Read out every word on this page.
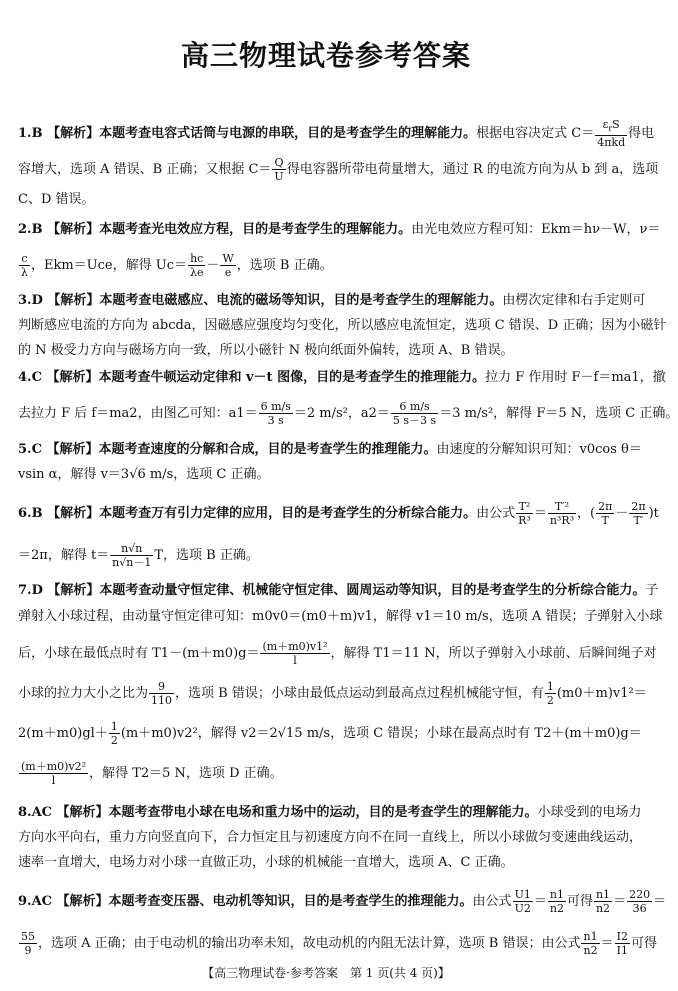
高三物理试卷参考答案
1.B 【解析】本题考查电容式话筒与电源的串联，目的是考查学生的理解能力。根据电容决定式 $C= \frac{\varepsilon_rS}{\text{4πkd}}$ 得电
容增大，选项 A 错误、B 正确；又根据 $C= \frac{Q}{U}$ 得电容器所带电荷量增大，通过 R 的电流方向为从 b 到 a，选项
C、D 错误。
2.B 【解析】本题考查光电效应方程，目的是考查学生的理解能力。由光电效应方程可知：Ekm＝hν－W，ν＝
$\frac{c}{\lambda}$ ，Ekm＝Uce，解得 $Uc= \frac{hc}{\lambda e} - \frac{W}{e}$ ，选项 B 正确。
3.D 【解析】本题考查电磁感应、电流的磁场等知识，目的是考查学生的理解能力。由楞次定律和右手定则可
判断感应电流的方向为 abcda，因磁感应强度均匀变化，所以感应电流恒定，选项 C 错误、D 正确；因为小磁针
的 N 极受力方向与磁场方向一致，所以小磁针 N 极向纸面外偏转，选项 A、B 错误。
4.C 【解析】本题考查牛顿运动定律和 v－t 图像，目的是考查学生的推理能力。拉力 F 作用时 F－f＝ma1，撤
去拉力 F 后 f＝ma2，由图乙可知：$a1= \frac{6 m/s}{3 s} =2$ m/s²，$a2= \frac{6 m/s}{5 s-3 s} =3$ m/s²，解得 F＝5 N，选项 C 正确。
5.C 【解析】本题考查速度的分解和合成，目的是考查学生的推理能力。由速度的分解知识可知：v0cos θ＝
vsin α，解得 v＝3√6 m/s，选项 C 正确。
6.B 【解析】本题考查万有引力定律的应用，目的是考查学生的分析综合能力。由公式 $\frac{\text{T²}}{\text{R³}} = \frac{\text{T′²}}{\text{n³R³}}$ ，( $\frac{2\pi}{T} - \frac{2\pi}{T'} )t$
＝2π，解得 $t= \frac{n√n}{n√n-1}$ T，选项 B 正确。
7.D 【解析】本题考查动量守恒定律、机械能守恒定律、圆周运动等知识，目的是考查学生的分析综合能力。子
弹射入小球过程，由动量守恒定律可知：m0v0＝(m0＋m)v1，解得 v1＝10 m/s，选项 A 错误；子弹射入小球
后，小球在最低点时有 $T1-(m+m0)g= \frac{\text{(m＋m0)v1²}}{l}$ ，解得 T1＝11 N，所以子弹射入小球前、后瞬间绳子对
小球的拉力大小之比为 $\frac{9}{110}$ ，选项 B 错误；小球由最低点运动到最高点过程机械能守恒，有 $\frac{1}{2} (m0+m)v1^2=$
$2(m+m0)gl+ \frac{1}{2} (m+m0)v2^2$，解得 v2＝2√15 m/s，选项 C 错误；小球在最高点时有 T2＋(m＋m0)g＝
$\frac{\text{(m＋m0)v2²}}{l}$ ，解得 T2＝5 N，选项 D 正确。
8.AC 【解析】本题考查带电小球在电场和重力场中的运动，目的是考查学生的理解能力。小球受到的电场力
方向水平向右，重力方向竖直向下，合力恒定且与初速度方向不在同一直线上，所以小球做匀变速曲线运动，
速率一直增大，电场力对小球一直做正功，小球的机械能一直增大，选项 A、C 正确。
9.AC 【解析】本题考查变压器、电动机等知识，目的是考查学生的推理能力。由公式 $\frac{U1}{U2} = \frac{n1}{n2}$ 可得 $\frac{n1}{n2} = \frac{220}{36}$ ＝
$\frac{55}{9}$ ，选项 A 正确；由于电动机的输出功率未知，故电动机的内阻无法计算，选项 B 错误；由公式 $\frac{n1}{n2} = \frac{I2}{I1}$ 可得
【高三物理试卷·参考答案　第 1 页(共 4 页)】
